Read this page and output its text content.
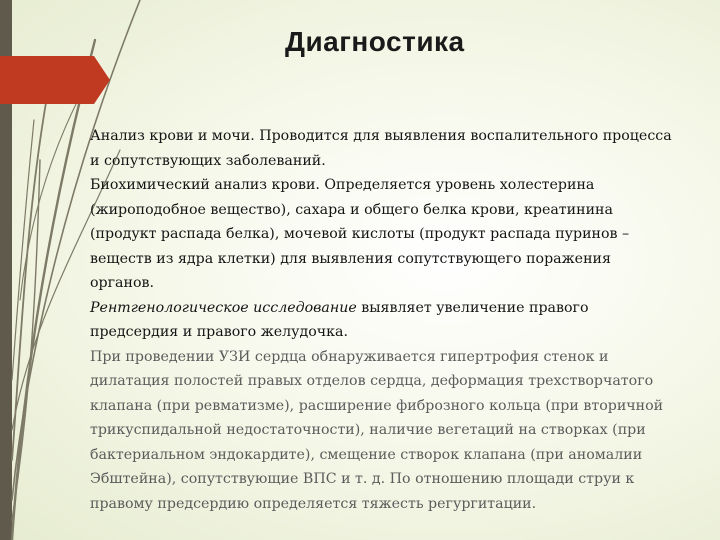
Диагностика

Анализ крови и мочи. Проводится для выявления воспалительного процесса и сопутствующих заболеваний.

Биохимический анализ крови. Определяется уровень холестерина (жироподобное вещество), сахара и общего белка крови, креатинина (продукт распада белка), мочевой кислоты (продукт распада пуринов – веществ из ядра клетки) для выявления сопутствующего поражения органов.

Рентгенологическое исследование выявляет увеличение правого предсердия и правого желудочка.

При проведении УЗИ сердца обнаруживается гипертрофия стенок и дилатация полостей правых отделов сердца, деформация трехстворчатого клапана (при ревматизме), расширение фиброзного кольца (при вторичной трикуспидальной недостаточности), наличие вегетаций на створках (при бактериальном эндокардите), смещение створок клапана (при аномалии Эбштейна), сопутствующие ВПС и т. д. По отношению площади струи к правому предсердию определяется тяжесть регургитации.
